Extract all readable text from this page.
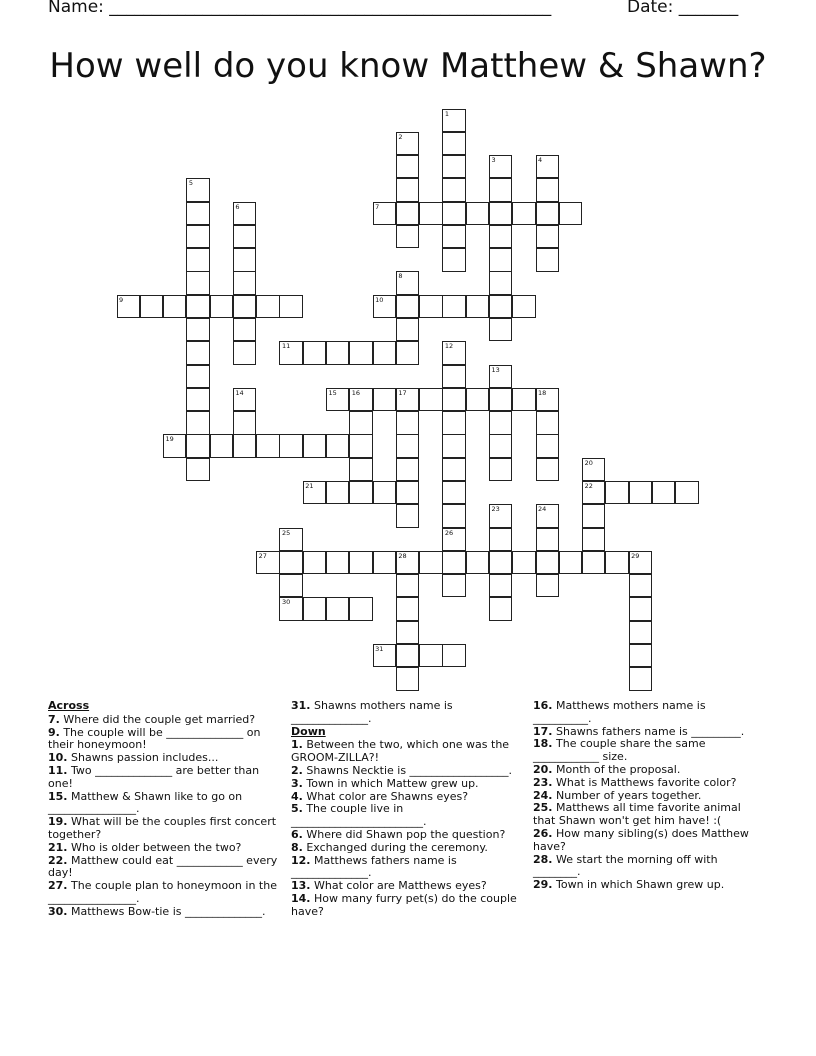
Name: ____________________________________________________	Date: _______
How well do you know Matthew & Shawn?
1
2
3	4
5
6	7
8
9	10
11	12
26
13
14	15 16	17	18
19
20
22
21
23	24
25
30
27	28	29
31
Across
7. Where did the couple get married?
9. The couple will be ______________ on their honeymoon!
10. Shawns passion includes...
11. Two ______________ are better than one!
15. Matthew & Shawn like to go on ________________.
19. What will be the couples first concert together?
21. Who is older between the two?
22. Matthew could eat ____________ every day!
27. The couple plan to honeymoon in the ________________.
30. Matthews Bow-tie is ______________.
31. Shawns mothers name is ______________.
Down
1. Between the two, which one was the GROOM-ZILLA?!
2. Shawns Necktie is __________________.
3. Town in which Mattew grew up.
4. What color are Shawns eyes?
5. The couple live in ________________________.
6. Where did Shawn pop the question?
8. Exchanged during the ceremony.
12. Matthews fathers name is ______________.
13. What color are Matthews eyes?
14. How many furry pet(s) do the couple have?
16. Matthews mothers name is __________.
17. Shawns fathers name is _________.
18. The couple share the same ____________ size.
20. Month of the proposal.
23. What is Matthews favorite color?
24. Number of years together.
25. Matthews all time favorite animal that Shawn won't get him have! :(
26. How many sibling(s) does Matthew have?
28. We start the morning off with ________.
29. Town in which Shawn grew up.
